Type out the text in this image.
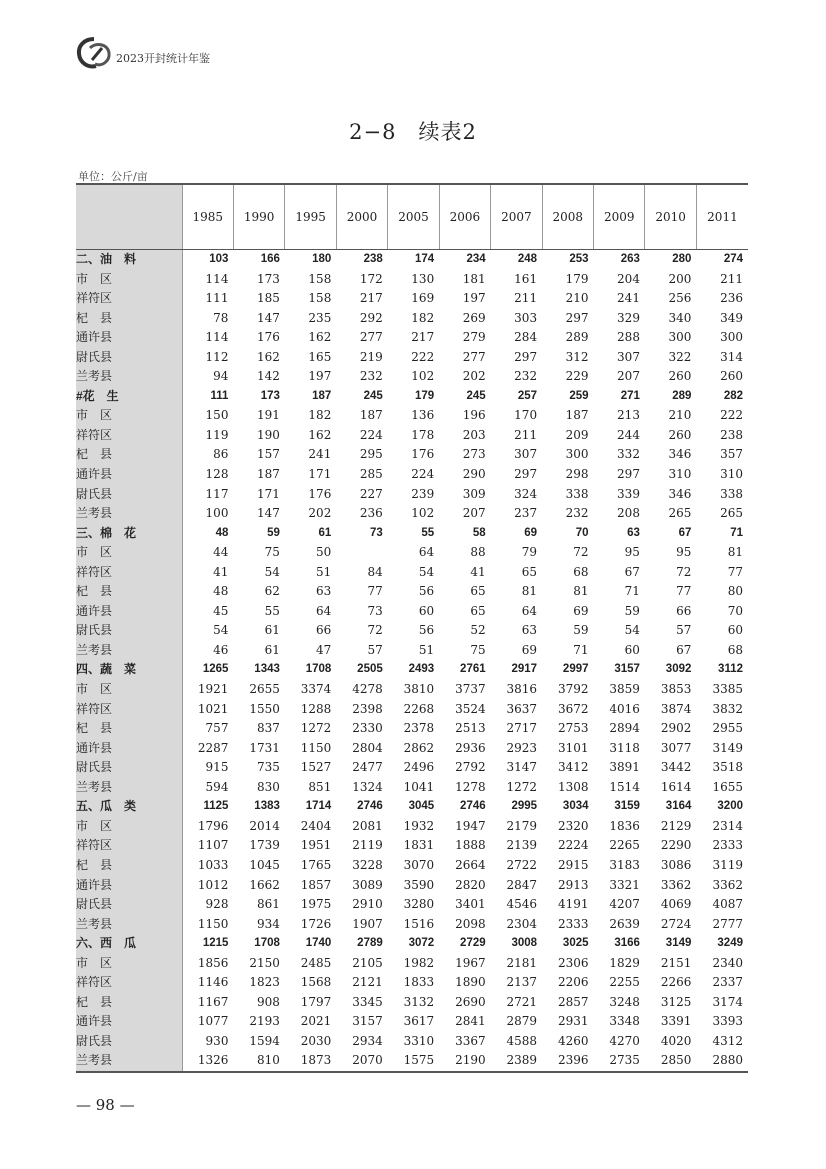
2023开封统计年鉴
2−8　续表2
单位：公斤/亩
	1985	1990	1995	2000	2005	2006	2007	2008	2009	2010	2011
二、油　料	103	166	180	238	174	234	248	253	263	280	274
市　区	114	173	158	172	130	181	161	179	204	200	211
祥符区	111	185	158	217	169	197	211	210	241	256	236
杞　县	78	147	235	292	182	269	303	297	329	340	349
通许县	114	176	162	277	217	279	284	289	288	300	300
尉氏县	112	162	165	219	222	277	297	312	307	322	314
兰考县	94	142	197	232	102	202	232	229	207	260	260
#花　生	111	173	187	245	179	245	257	259	271	289	282
市　区	150	191	182	187	136	196	170	187	213	210	222
祥符区	119	190	162	224	178	203	211	209	244	260	238
杞　县	86	157	241	295	176	273	307	300	332	346	357
通许县	128	187	171	285	224	290	297	298	297	310	310
尉氏县	117	171	176	227	239	309	324	338	339	346	338
兰考县	100	147	202	236	102	207	237	232	208	265	265
三、棉　花	48	59	61	73	55	58	69	70	63	67	71
市　区	44	75	50		64	88	79	72	95	95	81
祥符区	41	54	51	84	54	41	65	68	67	72	77
杞　县	48	62	63	77	56	65	81	81	71	77	80
通许县	45	55	64	73	60	65	64	69	59	66	70
尉氏县	54	61	66	72	56	52	63	59	54	57	60
兰考县	46	61	47	57	51	75	69	71	60	67	68
四、蔬　菜	1265	1343	1708	2505	2493	2761	2917	2997	3157	3092	3112
市　区	1921	2655	3374	4278	3810	3737	3816	3792	3859	3853	3385
祥符区	1021	1550	1288	2398	2268	3524	3637	3672	4016	3874	3832
杞　县	757	837	1272	2330	2378	2513	2717	2753	2894	2902	2955
通许县	2287	1731	1150	2804	2862	2936	2923	3101	3118	3077	3149
尉氏县	915	735	1527	2477	2496	2792	3147	3412	3891	3442	3518
兰考县	594	830	851	1324	1041	1278	1272	1308	1514	1614	1655
五、瓜　类	1125	1383	1714	2746	3045	2746	2995	3034	3159	3164	3200
市　区	1796	2014	2404	2081	1932	1947	2179	2320	1836	2129	2314
祥符区	1107	1739	1951	2119	1831	1888	2139	2224	2265	2290	2333
杞　县	1033	1045	1765	3228	3070	2664	2722	2915	3183	3086	3119
通许县	1012	1662	1857	3089	3590	2820	2847	2913	3321	3362	3362
尉氏县	928	861	1975	2910	3280	3401	4546	4191	4207	4069	4087
兰考县	1150	934	1726	1907	1516	2098	2304	2333	2639	2724	2777
六、西　瓜	1215	1708	1740	2789	3072	2729	3008	3025	3166	3149	3249
市　区	1856	2150	2485	2105	1982	1967	2181	2306	1829	2151	2340
祥符区	1146	1823	1568	2121	1833	1890	2137	2206	2255	2266	2337
杞　县	1167	908	1797	3345	3132	2690	2721	2857	3248	3125	3174
通许县	1077	2193	2021	3157	3617	2841	2879	2931	3348	3391	3393
尉氏县	930	1594	2030	2934	3310	3367	4588	4260	4270	4020	4312
兰考县	1326	810	1873	2070	1575	2190	2389	2396	2735	2850	2880
— 98 —
